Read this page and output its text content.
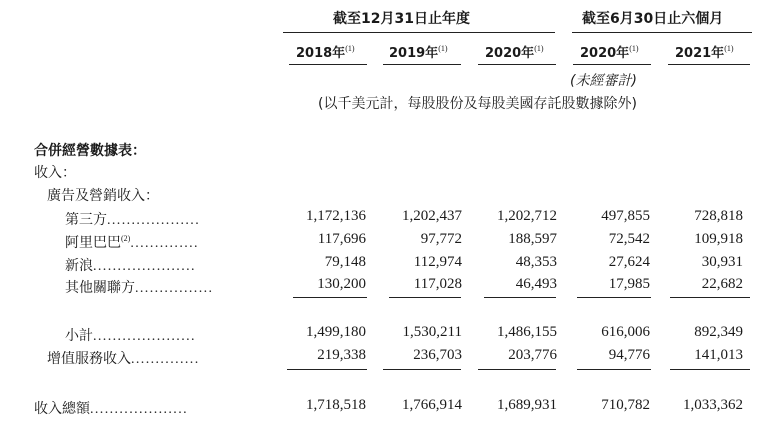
截至12月31日止年度	截至6月30日止六個月
2018年$^{(1)}$	2019年$^{(1)}$	2020年$^{(1)}$	2020年$^{(1)}$	2021年$^{(1)}$
(未經審計)
(以千美元計，每股股份及每股美國存託股數據除外)
合併經營數據表：
收入：
廣告及營銷收入：
第三方...................	1,172,136	1,202,437	1,202,712	497,855	728,818
阿里巴巴$^{(2)}$..............	117,696	97,772	188,597	72,542	109,918
新浪.....................	79,148	112,974	48,353	27,624	30,931
其他關聯方................	130,200	117,028	46,493	17,985	22,682
小計.....................	1,499,180	1,530,211	1,486,155	616,006	892,349
增值服務收入..............	219,338	236,703	203,776	94,776	141,013
收入總額....................	1,718,518	1,766,914	1,689,931	710,782	1,033,362
